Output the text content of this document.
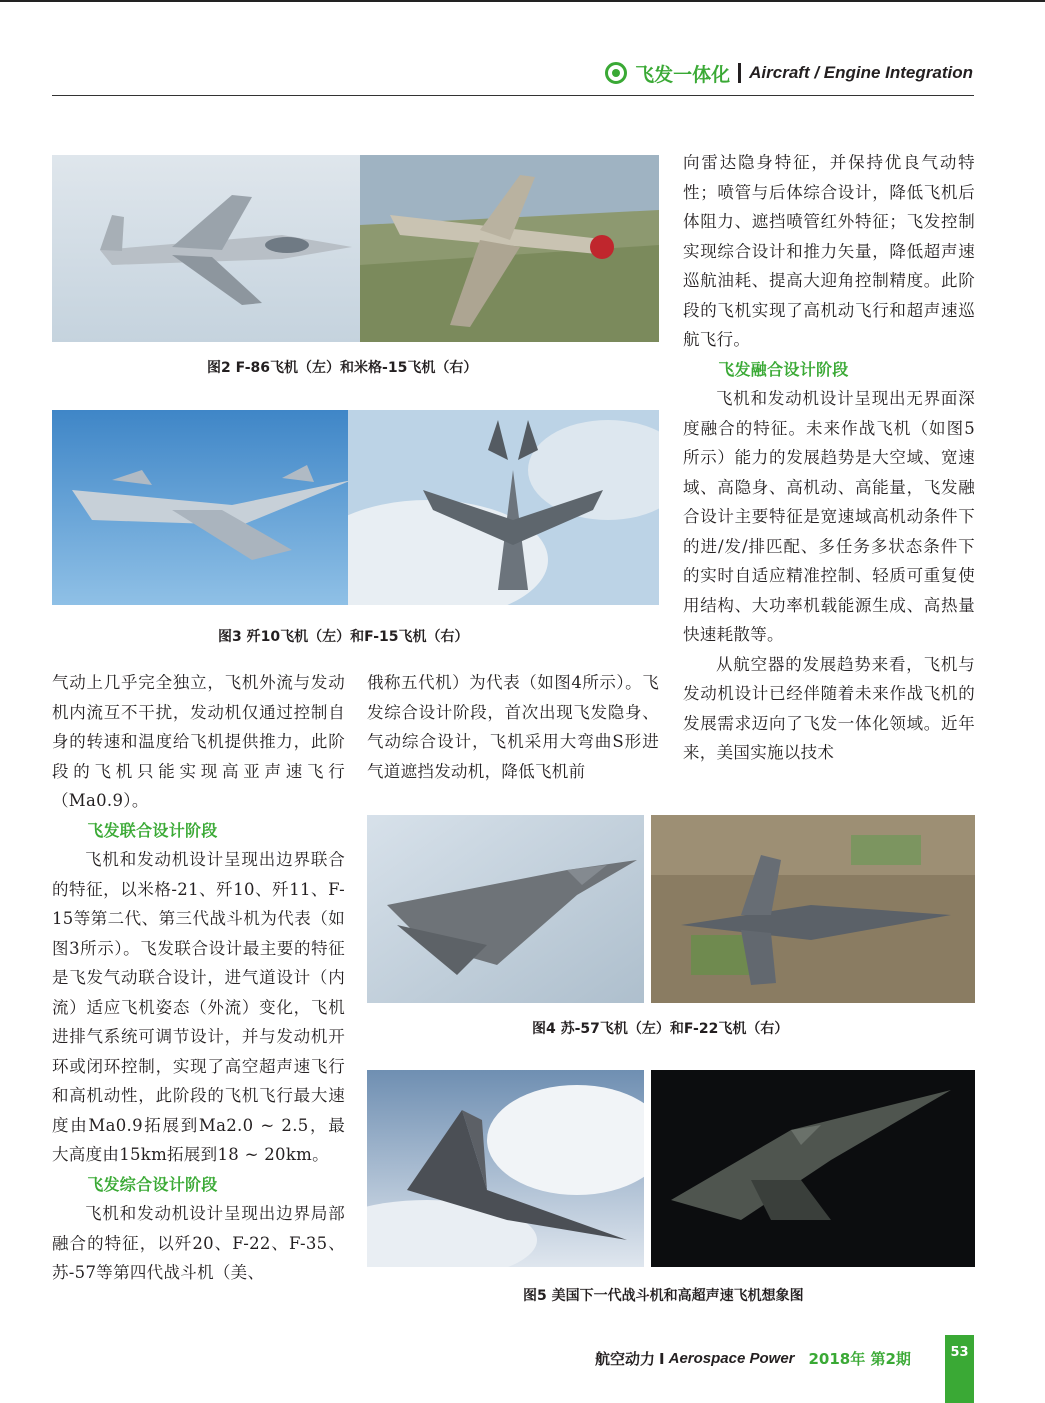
飞发一体化 Aircraft / Engine Integration
图2 F-86飞机（左）和米格-15飞机（右）
图3 歼10飞机（左）和F-15飞机（右）

气动上几乎完全独立，飞机外流与发动机内流互不干扰，发动机仅通过控制自身的转速和温度给飞机提供推力，此阶段的飞机只能实现高亚声速飞行（Ma0.9）。

飞发联合设计阶段

飞机和发动机设计呈现出边界联合的特征，以米格-21、歼10、歼11、F-15等第二代、第三代战斗机为代表（如图3所示）。飞发联合设计最主要的特征是飞发气动联合设计，进气道设计（内流）适应飞机姿态（外流）变化，飞机进排气系统可调节设计，并与发动机开环或闭环控制，实现了高空超声速飞行和高机动性，此阶段的飞机飞行最大速度由Ma0.9拓展到Ma2.0 ~ 2.5，最大高度由15km拓展到18 ~ 20km。

飞发综合设计阶段

飞机和发动机设计呈现出边界局部融合的特征，以歼20、F-22、F-35、苏-57等第四代战斗机（美、

俄称五代机）为代表（如图4所示）。飞发综合设计阶段，首次出现飞发隐身、气动综合设计，飞机采用大弯曲S形进气道遮挡发动机，降低飞机前

向雷达隐身特征，并保持优良气动特性；喷管与后体综合设计，降低飞机后体阻力、遮挡喷管红外特征；飞发控制实现综合设计和推力矢量，降低超声速巡航油耗、提高大迎角控制精度。此阶段的飞机实现了高机动飞行和超声速巡航飞行。

飞发融合设计阶段

飞机和发动机设计呈现出无界面深度融合的特征。未来作战飞机（如图5所示）能力的发展趋势是大空域、宽速域、高隐身、高机动、高能量，飞发融合设计主要特征是宽速域高机动条件下的进/发/排匹配、多任务多状态条件下的实时自适应精准控制、轻质可重复使用结构、大功率机载能源生成、高热量快速耗散等。

从航空器的发展趋势来看，飞机与发动机设计已经伴随着未来作战飞机的发展需求迈向了飞发一体化领域。近年来，美国实施以技术

图4 苏-57飞机（左）和F-22飞机（右）
图5 美国下一代战斗机和高超声速飞机想象图
航空动力 I Aerospace Power 2018年 第2期	53
